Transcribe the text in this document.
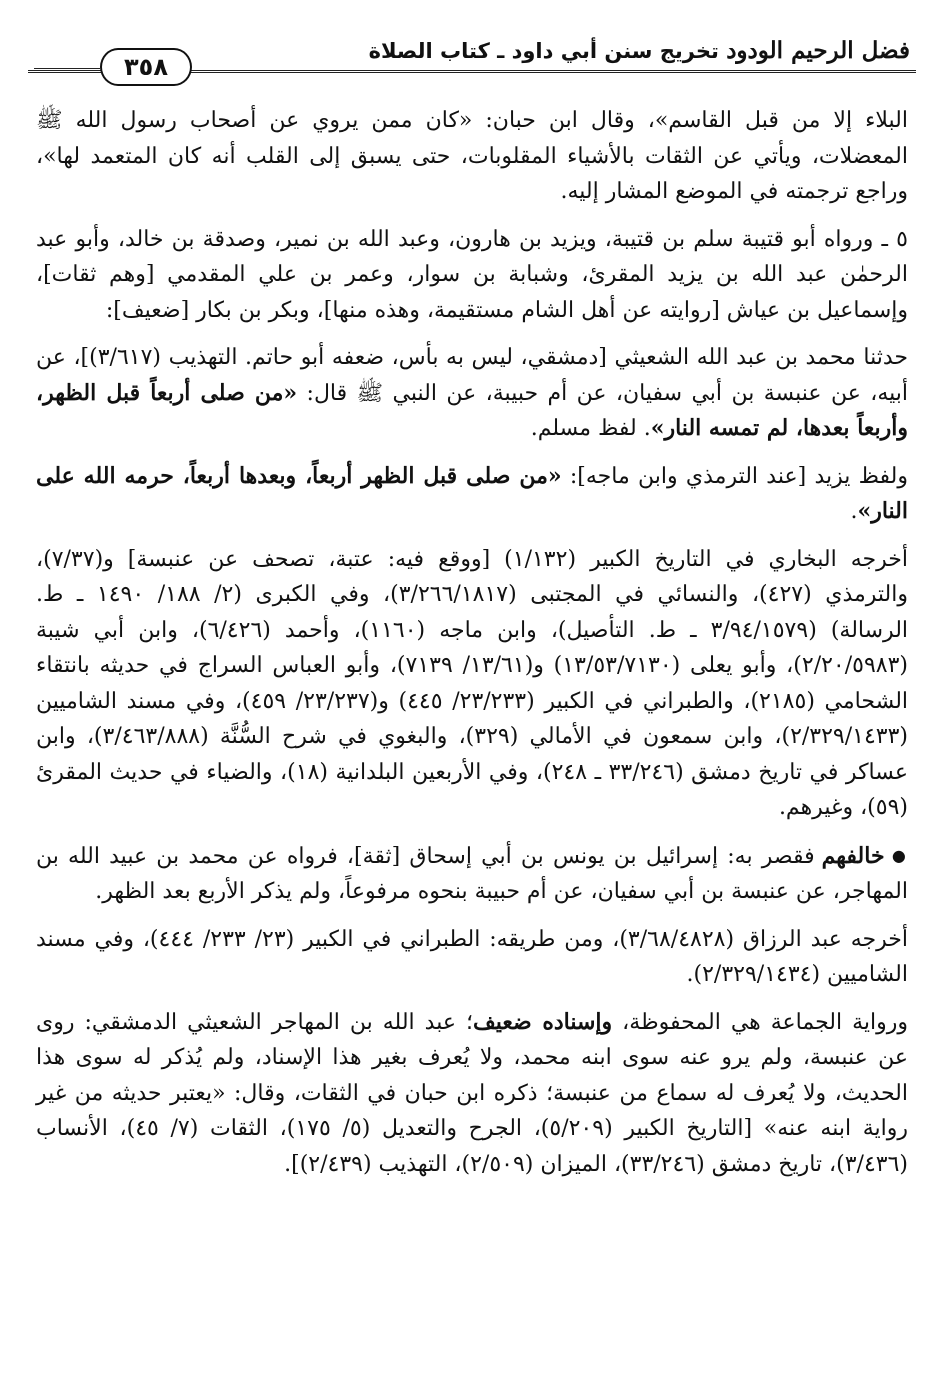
فضل الرحيم الودود تخريج سنن أبي داود ـ كتاب الصلاة
٣٥٨

البلاء إلا من قبل القاسم»، وقال ابن حبان: «كان ممن يروي عن أصحاب رسول الله ﷺ المعضلات، ويأتي عن الثقات بالأشياء المقلوبات، حتى يسبق إلى القلب أنه كان المتعمد لها»، وراجع ترجمته في الموضع المشار إليه.

٥ ـ ورواه أبو قتيبة سلم بن قتيبة، ويزيد بن هارون، وعبد الله بن نمير، وصدقة بن خالد، وأبو عبد الرحمٰن عبد الله بن يزيد المقرئ، وشبابة بن سوار، وعمر بن علي المقدمي [وهم ثقات]، وإسماعيل بن عياش [روايته عن أهل الشام مستقيمة، وهذه منها]، وبكر بن بكار [ضعيف]:

حدثنا محمد بن عبد الله الشعيثي [دمشقي، ليس به بأس، ضعفه أبو حاتم. التهذيب (٣/٦١٧)]، عن أبيه، عن عنبسة بن أبي سفيان، عن أم حبيبة، عن النبي ﷺ قال: «من صلى أربعاً قبل الظهر، وأربعاً بعدها، لم تمسه النار». لفظ مسلم.

ولفظ يزيد [عند الترمذي وابن ماجه]: «من صلى قبل الظهر أربعاً، وبعدها أربعاً، حرمه الله على النار».

أخرجه البخاري في التاريخ الكبير (١/١٣٢) [ووقع فيه: عتبة، تصحف عن عنبسة] و(٧/٣٧)، والترمذي (٤٢٧)، والنسائي في المجتبى (٣/٢٦٦/١٨١٧)، وفي الكبرى (٢/ ١٨٨/ ١٤٩٠ ـ ط. الرسالة) (٣/٩٤/١٥٧٩ ـ ط. التأصيل)، وابن ماجه (١١٦٠)، وأحمد (٦/٤٢٦)، وابن أبي شيبة (٢/٢٠/٥٩٨٣)، وأبو يعلى (١٣/٥٣/٧١٣٠) و(١٣/٦١/ ٧١٣٩)، وأبو العباس السراج في حديثه بانتقاء الشحامي (٢١٨٥)، والطبراني في الكبير (٢٣/٢٣٣/ ٤٤٥) و(٢٣/٢٣٧/ ٤٥٩)، وفي مسند الشاميين (٢/٣٢٩/١٤٣٣)، وابن سمعون في الأمالي (٣٢٩)، والبغوي في شرح السُّنَّة (٣/٤٦٣/٨٨٨)، وابن عساكر في تاريخ دمشق (٣٣/٢٤٦ ـ ٢٤٨)، وفي الأربعين البلدانية (١٨)، والضياء في حديث المقرئ (٥٩)، وغيرهم.

● خالفهم فقصر به: إسرائيل بن يونس بن أبي إسحاق [ثقة]، فرواه عن محمد بن عبيد الله بن المهاجر، عن عنبسة بن أبي سفيان، عن أم حبيبة بنحوه مرفوعاً، ولم يذكر الأربع بعد الظهر.

أخرجه عبد الرزاق (٣/٦٨/٤٨٢٨)، ومن طريقه: الطبراني في الكبير (٢٣/ ٢٣٣/ ٤٤٤)، وفي مسند الشاميين (٢/٣٢٩/١٤٣٤).

ورواية الجماعة هي المحفوظة، وإسناده ضعيف؛ عبد الله بن المهاجر الشعيثي الدمشقي: روى عن عنبسة، ولم يرو عنه سوى ابنه محمد، ولا يُعرف بغير هذا الإسناد، ولم يُذكر له سوى هذا الحديث، ولا يُعرف له سماع من عنبسة؛ ذكره ابن حبان في الثقات، وقال: «يعتبر حديثه من غير رواية ابنه عنه» [التاريخ الكبير (٥/٢٠٩)، الجرح والتعديل (٥/ ١٧٥)، الثقات (٧/ ٤٥)، الأنساب (٣/٤٣٦)، تاريخ دمشق (٣٣/٢٤٦)، الميزان (٢/٥٠٩)، التهذيب (٢/٤٣٩)].
